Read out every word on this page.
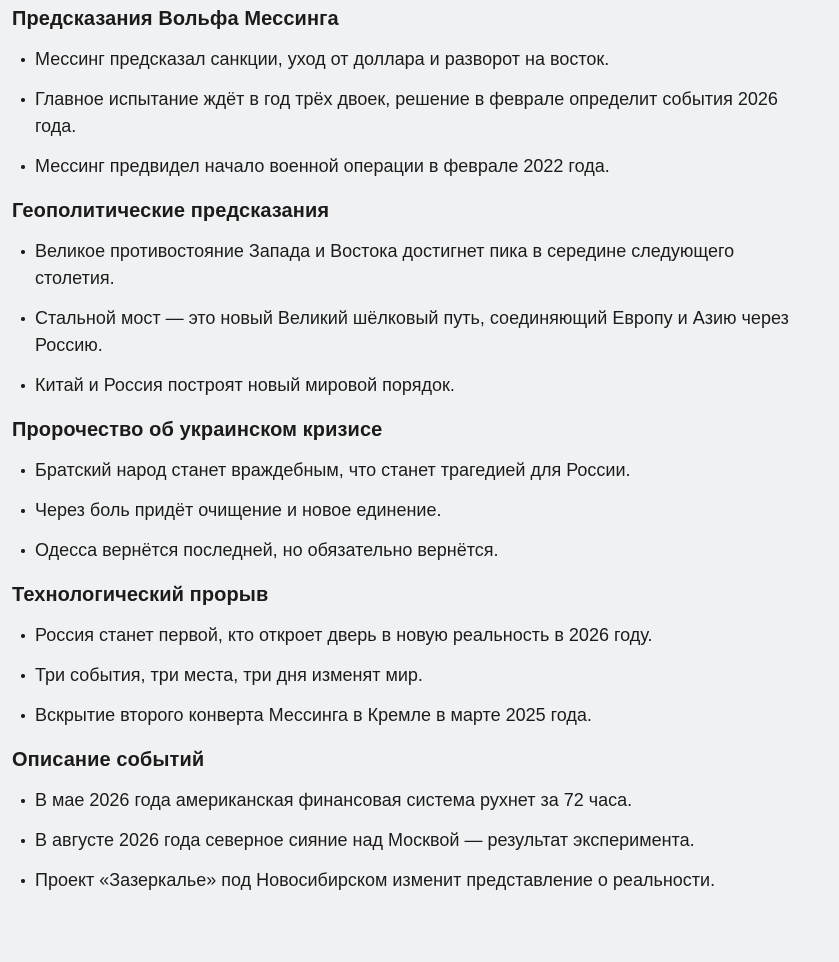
Предсказания Вольфа Мессинга
Мессинг предсказал санкции, уход от доллара и разворот на восток.
Главное испытание ждёт в год трёх двоек, решение в феврале определит события 2026 года.
Мессинг предвидел начало военной операции в феврале 2022 года.
Геополитические предсказания
Великое противостояние Запада и Востока достигнет пика в середине следующего столетия.
Стальной мост — это новый Великий шёлковый путь, соединяющий Европу и Азию через Россию.
Китай и Россия построят новый мировой порядок.
Пророчество об украинском кризисе
Братский народ станет враждебным, что станет трагедией для России.
Через боль придёт очищение и новое единение.
Одесса вернётся последней, но обязательно вернётся.
Технологический прорыв
Россия станет первой, кто откроет дверь в новую реальность в 2026 году.
Три события, три места, три дня изменят мир.
Вскрытие второго конверта Мессинга в Кремле в марте 2025 года.
Описание событий
В мае 2026 года американская финансовая система рухнет за 72 часа.
В августе 2026 года северное сияние над Москвой — результат эксперимента.
Проект «Зазеркалье» под Новосибирском изменит представление о реальности.
